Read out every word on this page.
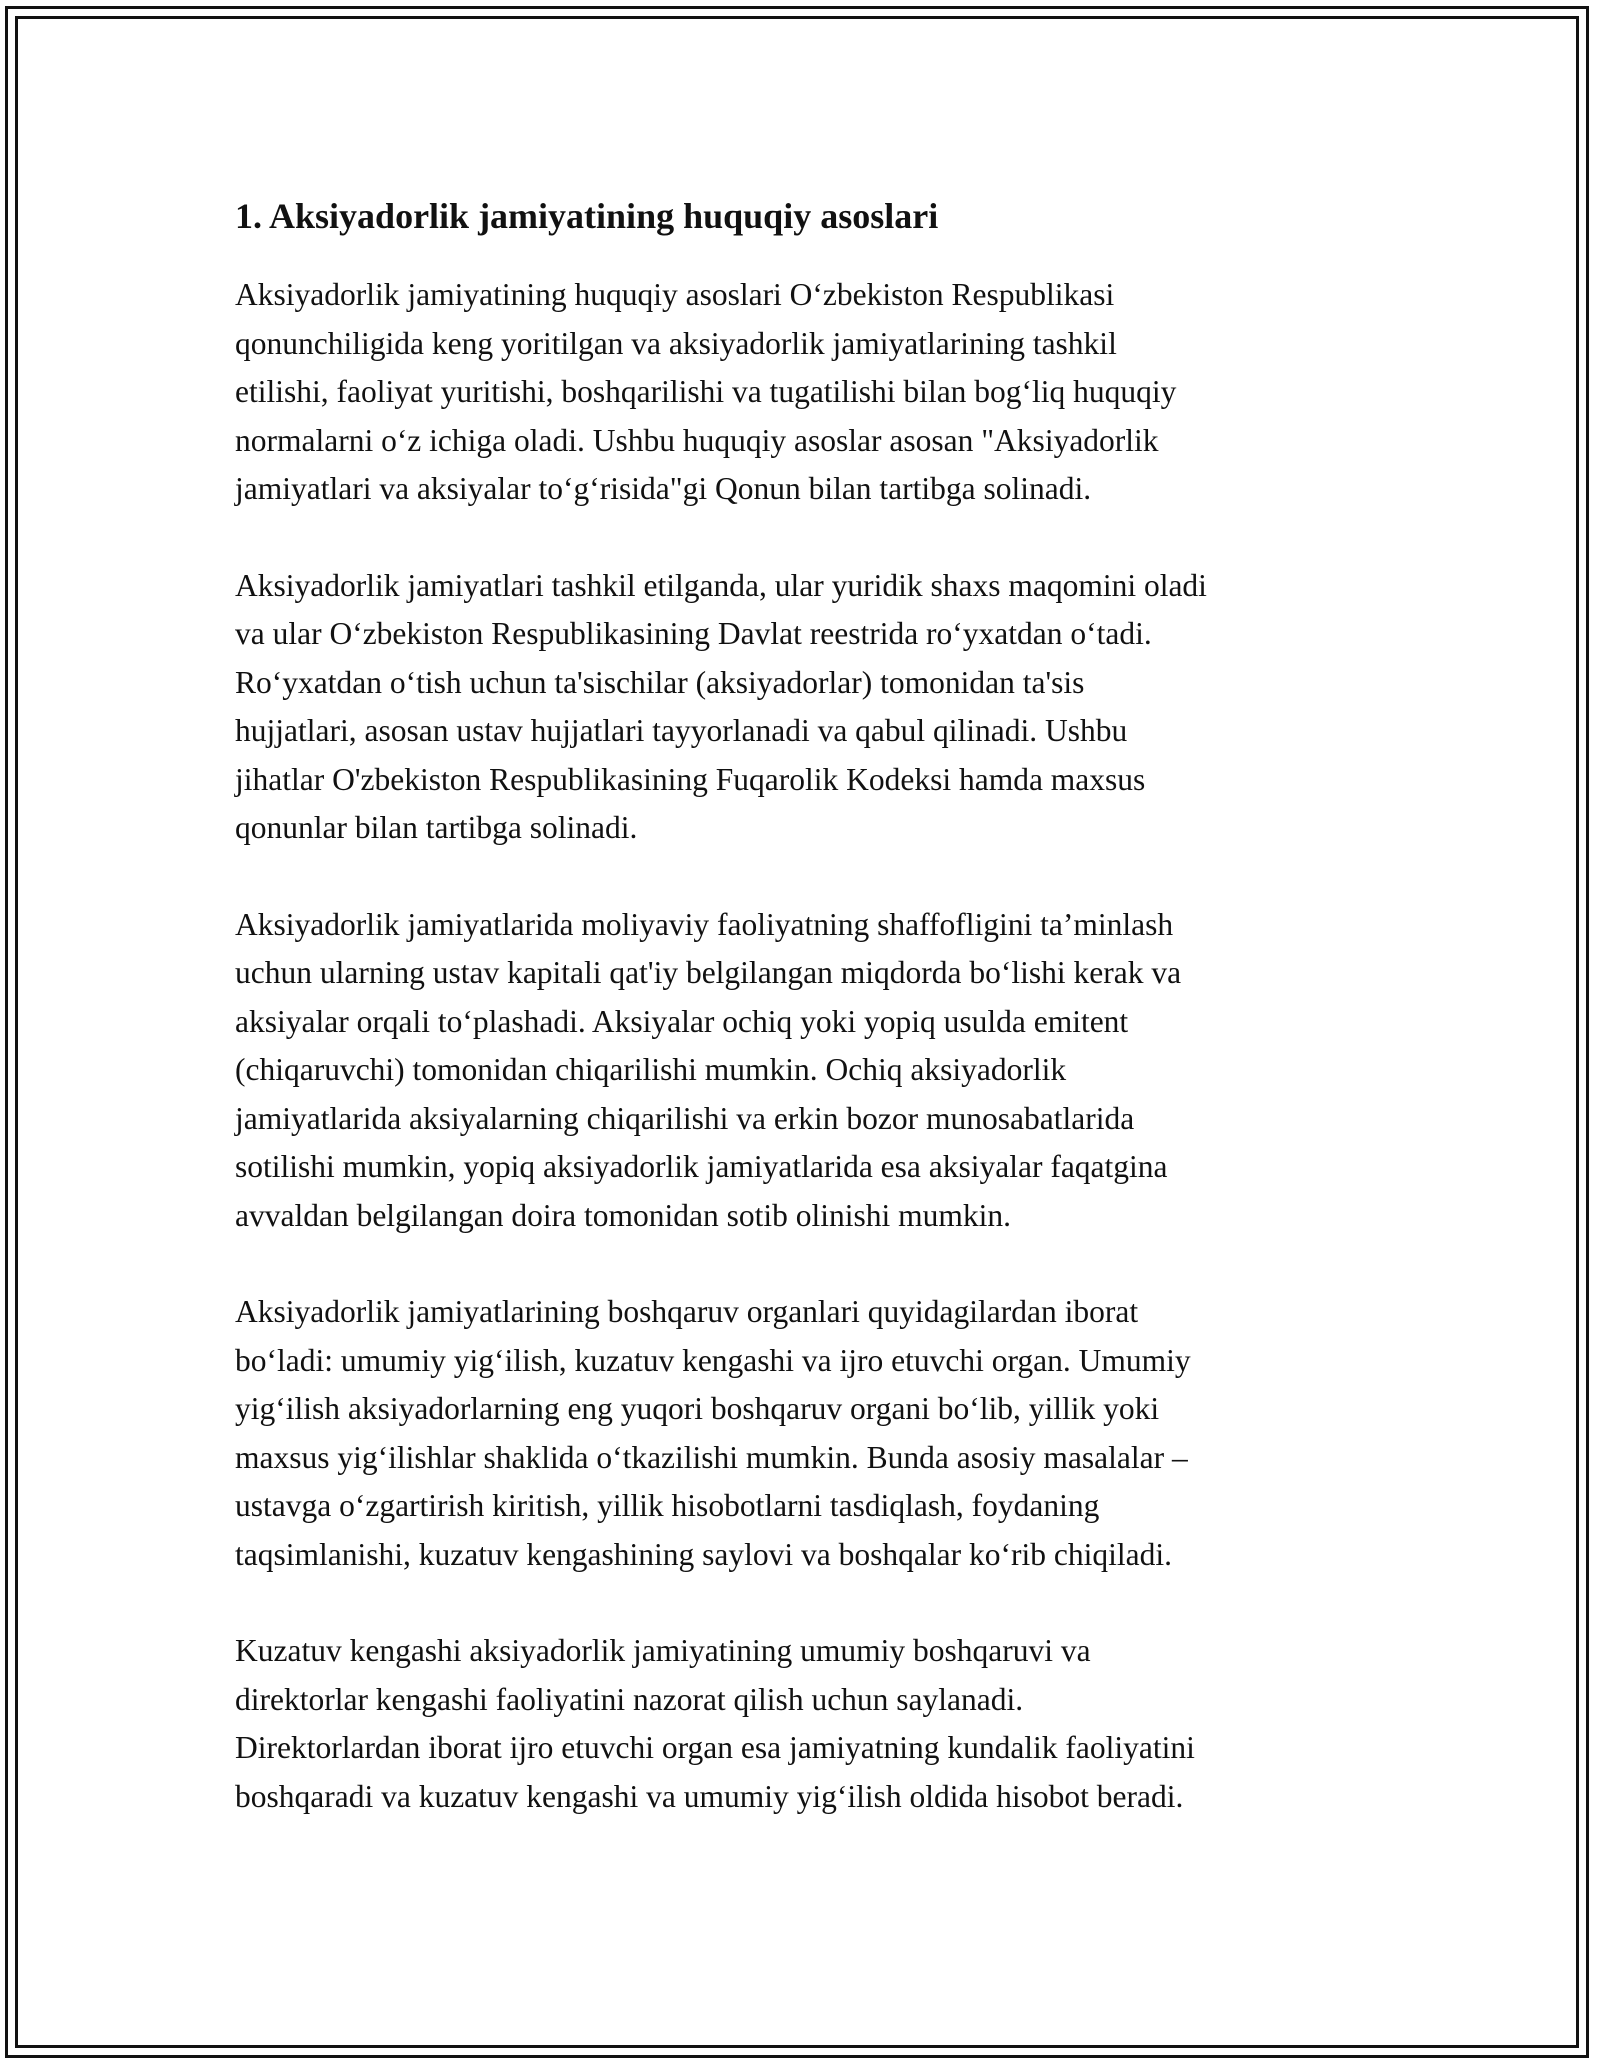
1. Aksiyadorlik jamiyatining huquqiy asoslari

Aksiyadorlik jamiyatining huquqiy asoslari O‘zbekiston Respublikasi
qonunchiligida keng yoritilgan va aksiyadorlik jamiyatlarining tashkil
etilishi, faoliyat yuritishi, boshqarilishi va tugatilishi bilan bog‘liq huquqiy
normalarni o‘z ichiga oladi. Ushbu huquqiy asoslar asosan "Aksiyadorlik
jamiyatlari va aksiyalar to‘g‘risida"gi Qonun bilan tartibga solinadi.

Aksiyadorlik jamiyatlari tashkil etilganda, ular yuridik shaxs maqomini oladi
va ular O‘zbekiston Respublikasining Davlat reestrida ro‘yxatdan o‘tadi.
Ro‘yxatdan o‘tish uchun ta'sischilar (aksiyadorlar) tomonidan ta'sis
hujjatlari, asosan ustav hujjatlari tayyorlanadi va qabul qilinadi. Ushbu
jihatlar O'zbekiston Respublikasining Fuqarolik Kodeksi hamda maxsus
qonunlar bilan tartibga solinadi.

Aksiyadorlik jamiyatlarida moliyaviy faoliyatning shaffofligini ta’minlash
uchun ularning ustav kapitali qat'iy belgilangan miqdorda bo‘lishi kerak va
aksiyalar orqali to‘plashadi. Aksiyalar ochiq yoki yopiq usulda emitent
(chiqaruvchi) tomonidan chiqarilishi mumkin. Ochiq aksiyadorlik
jamiyatlarida aksiyalarning chiqarilishi va erkin bozor munosabatlarida
sotilishi mumkin, yopiq aksiyadorlik jamiyatlarida esa aksiyalar faqatgina
avvaldan belgilangan doira tomonidan sotib olinishi mumkin.

Aksiyadorlik jamiyatlarining boshqaruv organlari quyidagilardan iborat
bo‘ladi: umumiy yig‘ilish, kuzatuv kengashi va ijro etuvchi organ. Umumiy
yig‘ilish aksiyadorlarning eng yuqori boshqaruv organi bo‘lib, yillik yoki
maxsus yig‘ilishlar shaklida o‘tkazilishi mumkin. Bunda asosiy masalalar –
ustavga o‘zgartirish kiritish, yillik hisobotlarni tasdiqlash, foydaning
taqsimlanishi, kuzatuv kengashining saylovi va boshqalar ko‘rib chiqiladi.

Kuzatuv kengashi aksiyadorlik jamiyatining umumiy boshqaruvi va
direktorlar kengashi faoliyatini nazorat qilish uchun saylanadi.
Direktorlardan iborat ijro etuvchi organ esa jamiyatning kundalik faoliyatini
boshqaradi va kuzatuv kengashi va umumiy yig‘ilish oldida hisobot beradi.
